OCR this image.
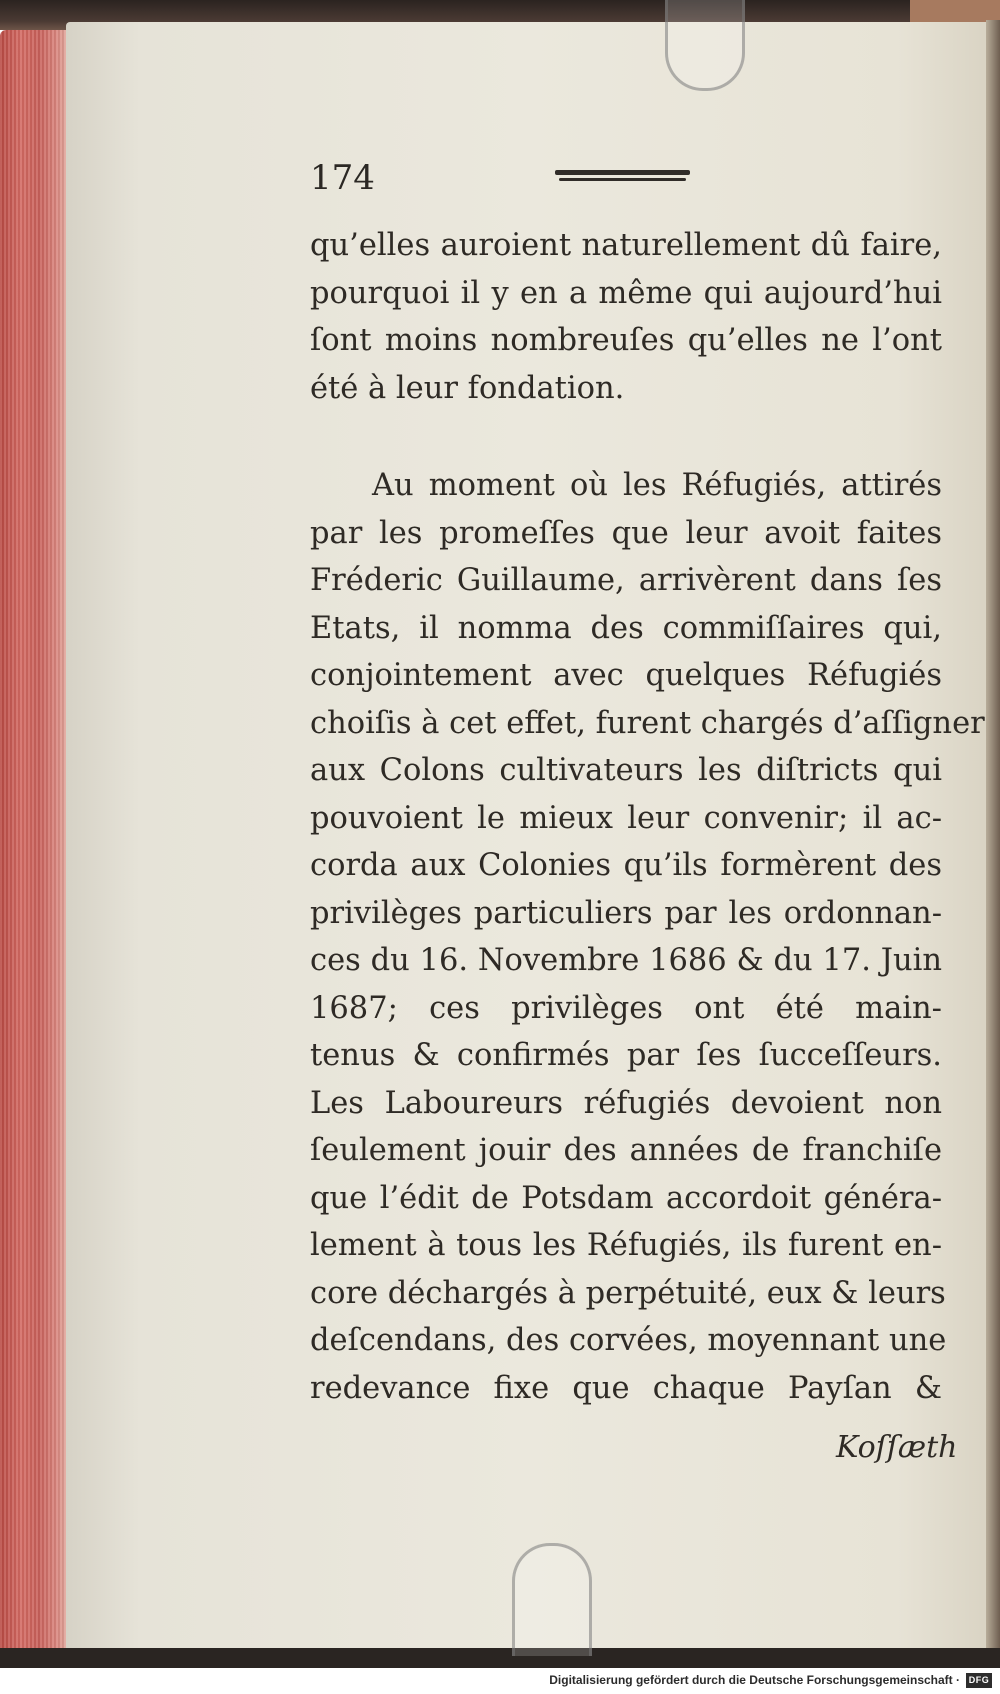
174
qu’elles auroient naturellement dû faire,
pourquoi il y en a même qui aujourd’hui
ſont moins nombreuſes qu’elles ne l’ont
été à leur fondation.
Au moment où les Réfugiés, attirés
par les promeſſes que leur avoit faites
Fréderic Guillaume, arrivèrent dans ſes
Etats, il nomma des commiſſaires qui,
conjointement avec quelques Réfugiés
choiſis à cet effet, furent chargés d’aſſigner
aux Colons cultivateurs les diſtricts qui
pouvoient le mieux leur convenir; il ac-
corda aux Colonies qu’ils formèrent des
privilèges particuliers par les ordonnan-
ces du 16. Novembre 1686 & du 17. Juin
1687; ces privilèges ont été main-
tenus & confirmés par ſes ſucceſſeurs.
Les Laboureurs réfugiés devoient non
ſeulement jouir des années de franchiſe
que l’édit de Potsdam accordoit généra-
lement à tous les Réfugiés, ils furent en-
core déchargés à perpétuité, eux & leurs
deſcendans, des corvées, moyennant une
redevance fixe que chaque Payſan &
Koſſæth
Digitalisierung gefördert durch die Deutsche Forschungsgemeinschaft · DFG
